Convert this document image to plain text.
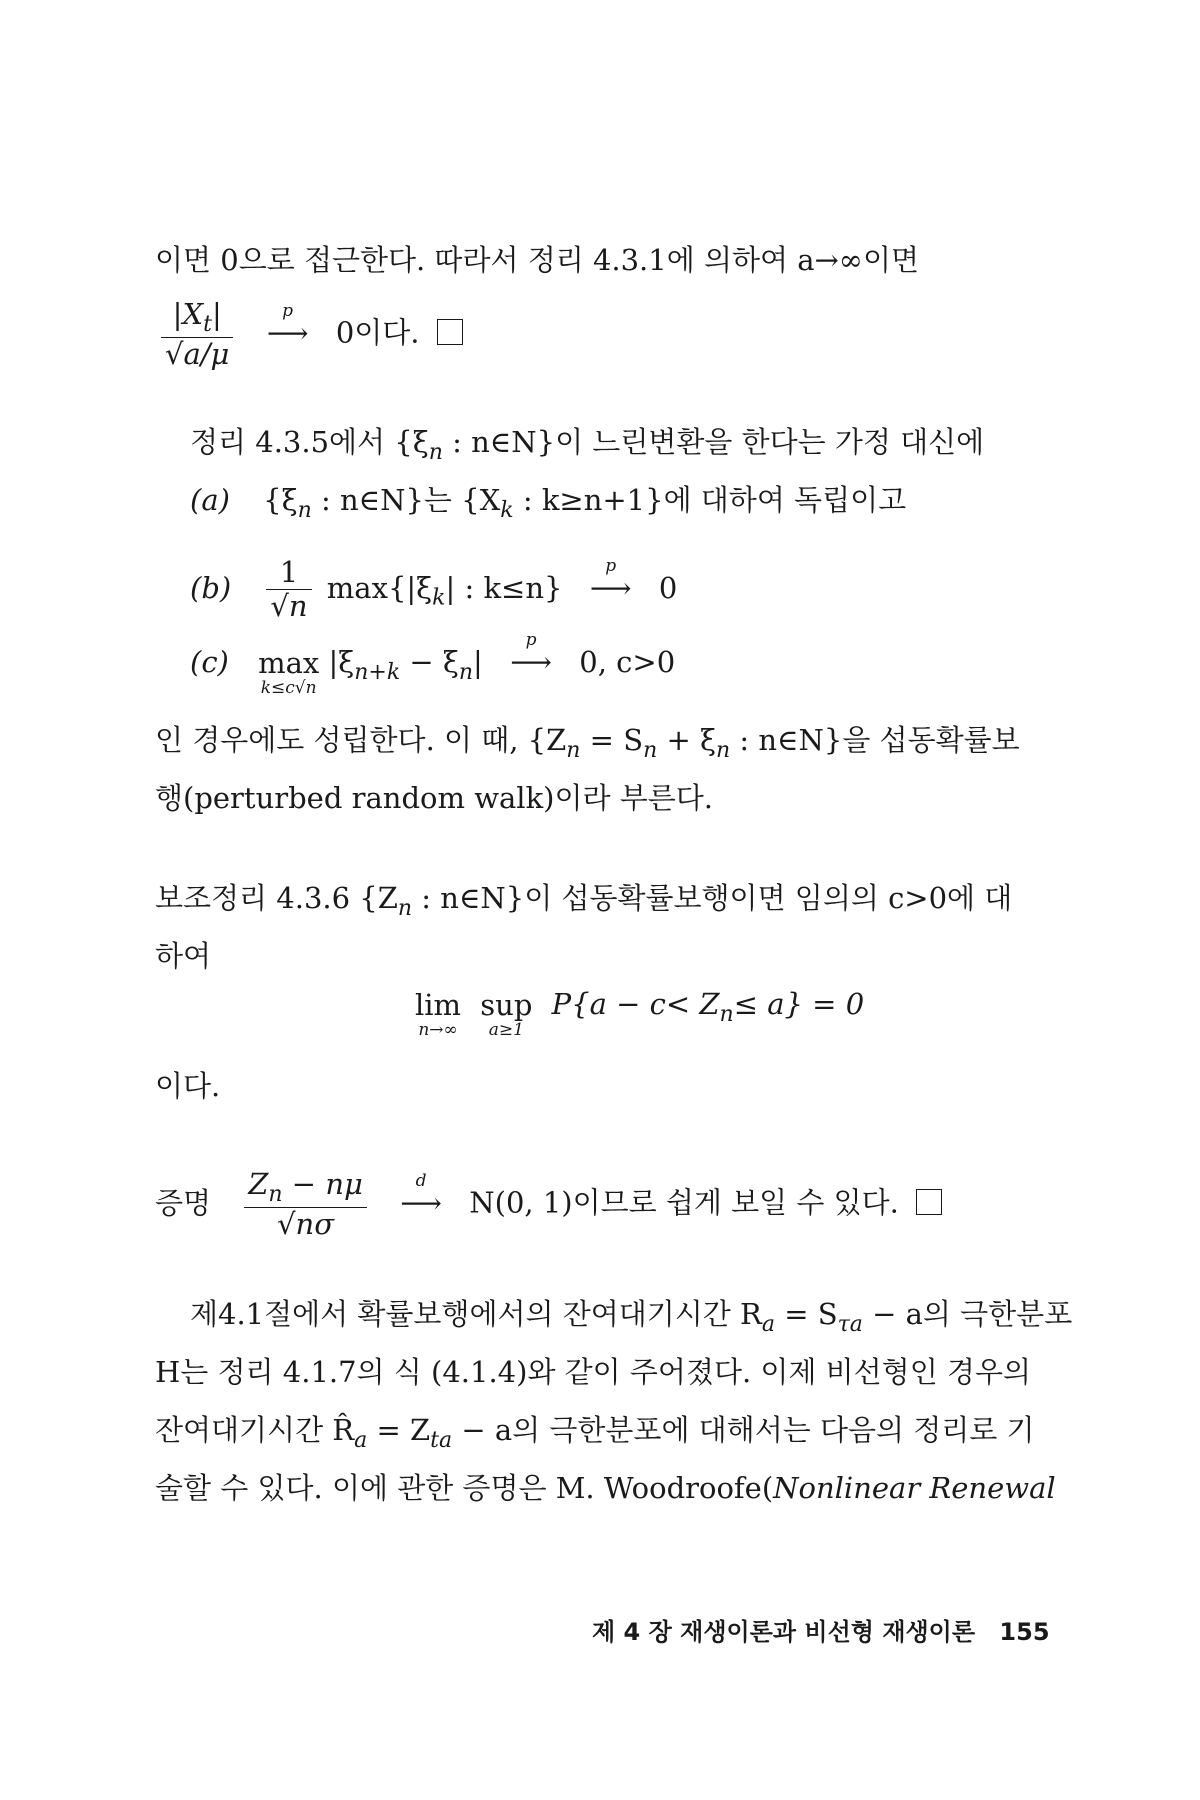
이면 0으로 접근한다. 따라서 정리 4.3.1에 의하여 a→∞이면
$\frac{|X_t|}{√a/\mu}$
	p
⟶ 0이다.
정리 4.3.5에서 {$\xi_n$ : n∈N}이 느린변환을 한다는 가정 대신에
(a) {$\xi_n$ : n∈N}는 {$X_k$ : k≥n+1}에 대하여 독립이고
$(b) \frac{1}{√n} \max\{|\xi_k|$ : k≤n}
p
⟶ 0
(c) max
k≤c√n
$|\xi_{n+k} - \xi_n|$
p
⟶ 0, c>0
인 경우에도 성립한다. 이 때, {$Z_n = S_n + \xi_n$ : n∈N}을 섭동확률보
행(perturbed random walk)이라 부른다.
보조정리 4.3.6 {$Z_n$ : n∈N}이 섭동확률보행이면 임의의 c>0에 대
하여
lim
n→∞

sup
a≥1
$P\{a - c< Z_n\le a\} = 0$
이다.
증명 $\frac{Z_n - n\mu}{√n\sigma}$
	d
⟶ N(0, 1)이므로 쉽게 보일 수 있다.
제4.1절에서 확률보행에서의 잔여대기시간 $R_a = S_{\tau a} - a$의 극한분포
H는 정리 4.1.7의 식 (4.1.4)와 같이 주어졌다. 이제 비선형인 경우의
잔여대기시간 $R̂_a = Z_{ta} - a$의 극한분포에 대해서는 다음의 정리로 기
술할 수 있다. 이에 관한 증명은 M. Woodroofe(Nonlinear Renewal
제 4 장 재생이론과 비선형 재생이론 155
